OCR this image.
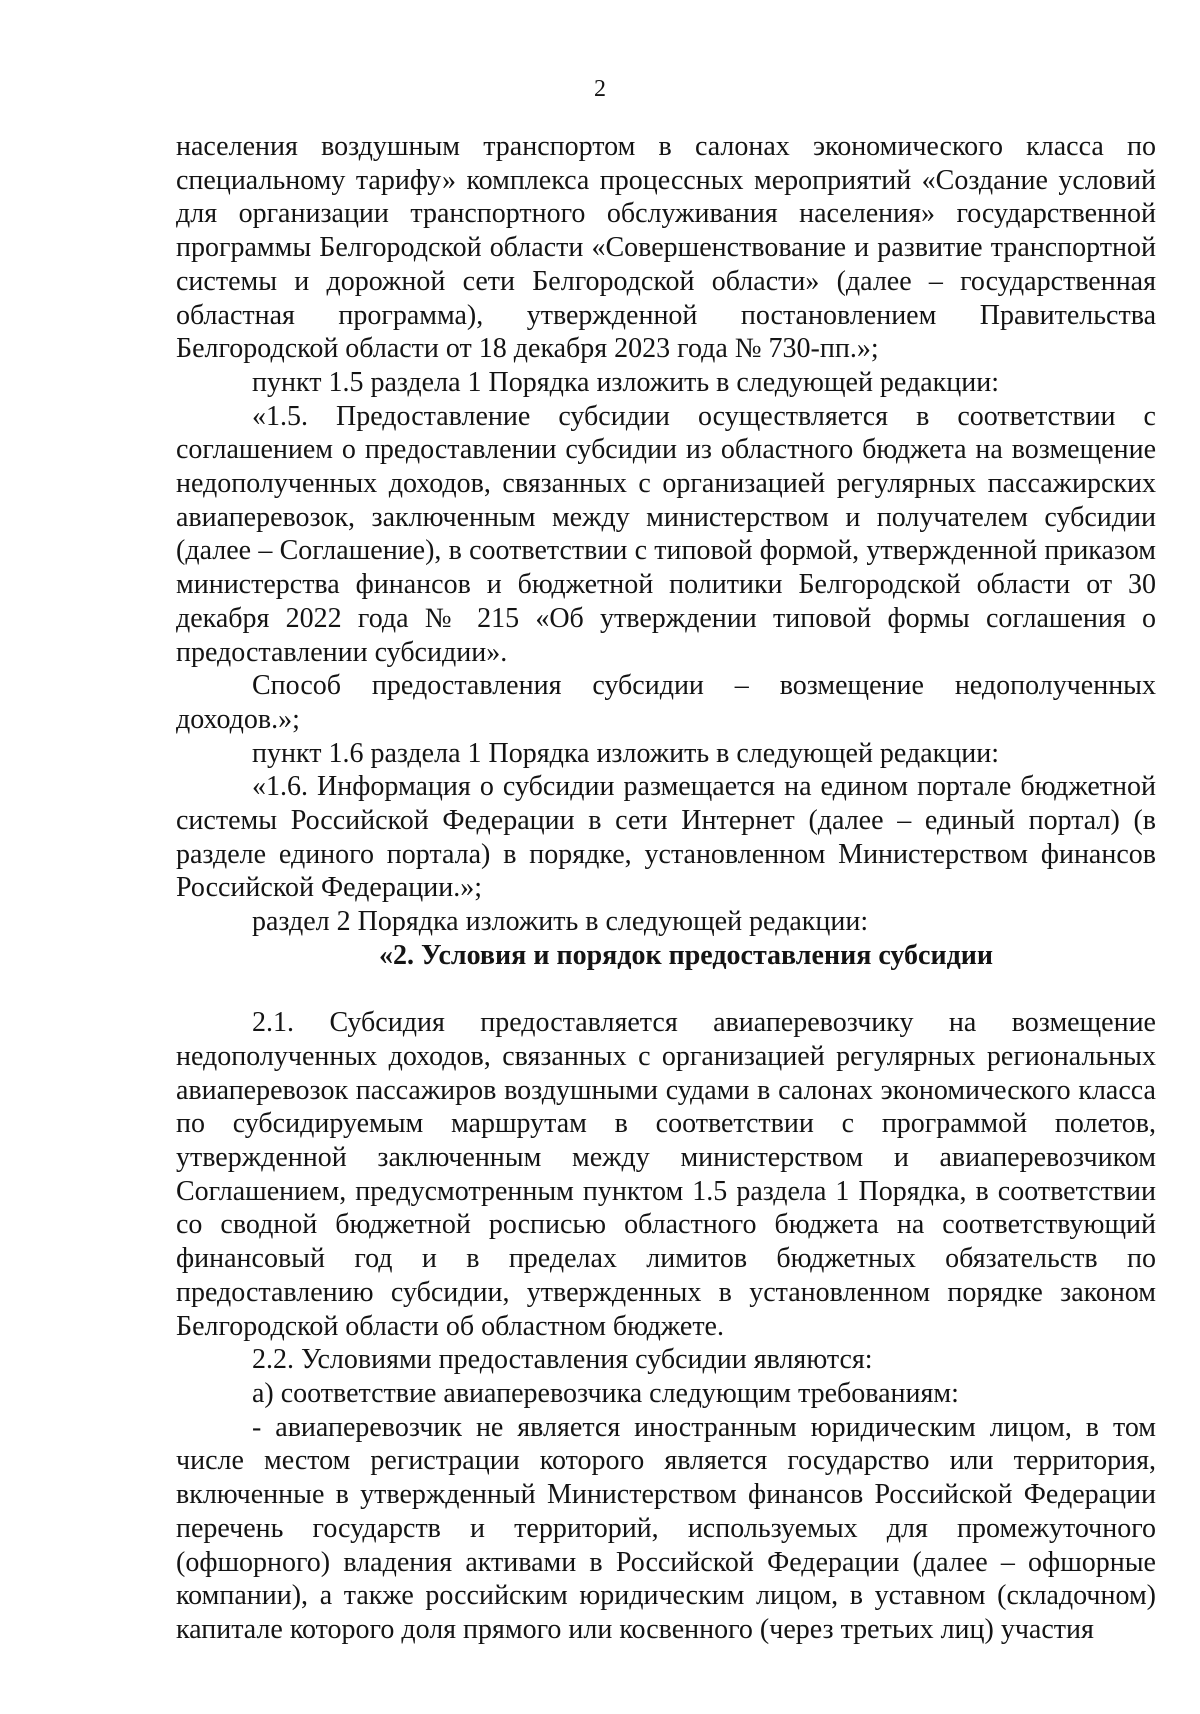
2

населения воздушным транспортом в салонах экономического класса по специальному тарифу» комплекса процессных мероприятий «Создание условий для организации транспортного обслуживания населения» государственной программы Белгородской области «Совершенствование и развитие транспортной системы и дорожной сети Белгородской области» (далее – государственная областная программа), утвержденной постановлением Правительства Белгородской области от 18 декабря 2023 года № 730-пп.»;

пункт 1.5 раздела 1 Порядка изложить в следующей редакции:

«1.5. Предоставление субсидии осуществляется в соответствии с соглашением о предоставлении субсидии из областного бюджета на возмещение недополученных доходов, связанных с организацией регулярных пассажирских авиаперевозок, заключенным между министерством и получателем субсидии (далее – Соглашение), в соответствии с типовой формой, утвержденной приказом министерства финансов и бюджетной политики Белгородской области от 30 декабря 2022 года № 215 «Об утверждении типовой формы соглашения о предоставлении субсидии».

Способ предоставления субсидии – возмещение недополученных доходов.»;

пункт 1.6 раздела 1 Порядка изложить в следующей редакции:

«1.6. Информация о субсидии размещается на едином портале бюджетной системы Российской Федерации в сети Интернет (далее – единый портал) (в разделе единого портала) в порядке, установленном Министерством финансов Российской Федерации.»;

раздел 2 Порядка изложить в следующей редакции:

«2. Условия и порядок предоставления субсидии

2.1. Субсидия предоставляется авиаперевозчику на возмещение недополученных доходов, связанных с организацией регулярных региональных авиаперевозок пассажиров воздушными судами в салонах экономического класса по субсидируемым маршрутам в соответствии с программой полетов, утвержденной заключенным между министерством и авиаперевозчиком Соглашением, предусмотренным пунктом 1.5 раздела 1 Порядка, в соответствии со сводной бюджетной росписью областного бюджета на соответствующий финансовый год и в пределах лимитов бюджетных обязательств по предоставлению субсидии, утвержденных в установленном порядке законом Белгородской области об областном бюджете.

2.2. Условиями предоставления субсидии являются:

а) соответствие авиаперевозчика следующим требованиям:

- авиаперевозчик не является иностранным юридическим лицом, в том числе местом регистрации которого является государство или территория, включенные в утвержденный Министерством финансов Российской Федерации перечень государств и территорий, используемых для промежуточного (офшорного) владения активами в Российской Федерации (далее – офшорные компании), а также российским юридическим лицом, в уставном (складочном) капитале которого доля прямого или косвенного (через третьих лиц) участия
